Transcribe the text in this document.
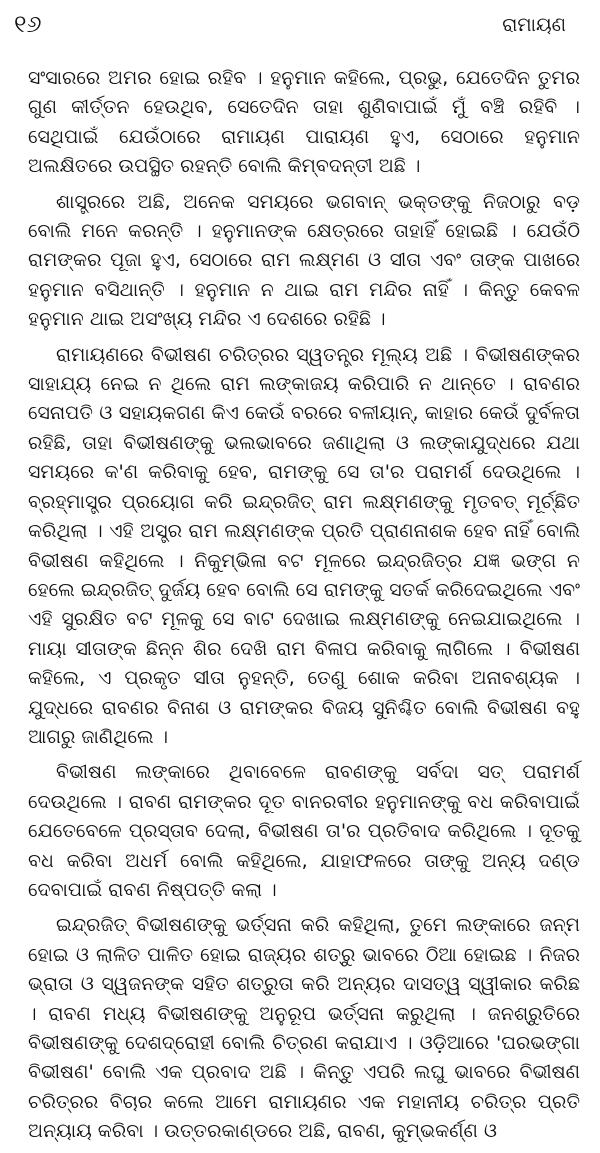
୧୬	ରାମାୟଣ

ସଂସାରରେ ଅମର ହୋଇ ରହିବ । ହନୁମାନ କହିଲେ, ପ୍ରଭୁ, ଯେତେଦିନ ତୁମର ଗୁଣ କୀର୍ତ୍ତନ ହେଉଥିବ, ସେତେଦିନ ତାହା ଶୁଣିବାପାଇଁ ମୁଁ ବଞ୍ଚି ରହିବି । ସେଥିପାଇଁ ଯେଉଁଠାରେ ରାମାୟଣ ପାରାୟଣ ହୁଏ, ସେଠାରେ ହନୁମାନ ଅଲକ୍ଷିତରେ ଉପସ୍ଥିତ ରହନ୍ତି ବୋଲି କିମ୍ବଦନ୍ତୀ ଅଛି ।

ଶାସ୍ତ୍ରରେ ଅଛି, ଅନେକ ସମୟରେ ଭଗବାନ୍ ଭକ୍ତଙ୍କୁ ନିଜଠାରୁ ବଡ଼ ବୋଲି ମନେ କରନ୍ତି । ହନୁମାନଙ୍କ କ୍ଷେତ୍ରରେ ତାହାହିଁ ହୋଇଛି । ଯେଉଁଠି ରାମଙ୍କର ପୂଜା ହୁଏ, ସେଠାରେ ରାମ ଲକ୍ଷ୍ମଣ ଓ ସୀତା ଏବଂ ତାଙ୍କ ପାଖରେ ହନୁମାନ ବସିଥାନ୍ତି । ହନୁମାନ ନ ଥାଇ ରାମ ମନ୍ଦିର ନାହିଁ । କିନ୍ତୁ କେବଳ ହନୁମାନ ଥାଇ ଅସଂଖ୍ୟ ମନ୍ଦିର ଏ ଦେଶରେ ରହିଛି ।

ରାମାୟଣରେ ବିଭୀଷଣ ଚରିତ୍ରର ସ୍ୱତନ୍ତ୍ର ମୂଲ୍ୟ ଅଛି । ବିଭୀଷଣଙ୍କର ସାହାଯ୍ୟ ନେଇ ନ ଥିଲେ ରାମ ଲଙ୍କାଜୟ କରିପାରି ନ ଥାନ୍ତେ । ରାବଣର ସେନାପତି ଓ ସହାୟକଗଣ କିଏ କେଉଁ ବରରେ ବଳୀୟାନ୍, କାହାର କେଉଁ ଦୁର୍ବଳତା ରହିଛି, ତାହା ବିଭୀଷଣଙ୍କୁ ଭଲଭାବରେ ଜଣାଥିଲା ଓ ଲଙ୍କାଯୁଦ୍ଧରେ ଯଥା ସମୟରେ କ'ଣ କରିବାକୁ ହେବ, ରାମଙ୍କୁ ସେ ତା'ର ପରାମର୍ଶ ଦେଉଥିଲେ । ବ୍ରହ୍ମାସ୍ତ୍ର ପ୍ରୟୋଗ କରି ଇନ୍ଦ୍ରଜିତ୍ ରାମ ଲକ୍ଷ୍ମଣଙ୍କୁ ମୃତବତ୍ ମୂର୍ଚ୍ଛିତ କରିଥିଲା । ଏହି ଅସ୍ତ୍ର ରାମ ଲକ୍ଷ୍ମଣଙ୍କ ପ୍ରତି ପ୍ରାଣନାଶକ ହେବ ନାହିଁ ବୋଲି ବିଭୀଷଣ କହିଥିଲେ । ନିକୁମ୍ଭିଳା ବଟ ମୂଳରେ ଇନ୍ଦ୍ରଜିତ୍‌ର ଯଜ୍ଞ ଭଙ୍ଗ ନ ହେଲେ ଇନ୍ଦ୍ରଜିତ୍ ଦୁର୍ଜୟ ହେବ ବୋଲି ସେ ରାମଙ୍କୁ ସତର୍କ କରିଦେଇଥିଲେ ଏବଂ ଏହି ସୁରକ୍ଷିତ ବଟ ମୂଳକୁ ସେ ବାଟ ଦେଖାଇ ଲକ୍ଷ୍ମଣଙ୍କୁ ନେଇଯାଇଥିଲେ । ମାୟା ସୀତାଙ୍କ ଛିନ୍ନ ଶିର ଦେଖି ରାମ ବିଳାପ କରିବାକୁ ଲାଗିଲେ । ବିଭୀଷଣ କହିଲେ, ଏ ପ୍ରକୃତ ସୀତା ନୁହନ୍ତି, ତେଣୁ ଶୋକ କରିବା ଅନାବଶ୍ୟକ । ଯୁଦ୍ଧରେ ରାବଣର ବିନାଶ ଓ ରାମଙ୍କର ବିଜୟ ସୁନିଶ୍ଚିତ ବୋଲି ବିଭୀଷଣ ବହୁ ଆଗରୁ ଜାଣିଥିଲେ ।

ବିଭୀଷଣ ଲଙ୍କାରେ ଥିବାବେଳେ ରାବଣଙ୍କୁ ସର୍ବଦା ସତ୍ ପରାମର୍ଶ ଦେଉଥିଲେ । ରାବଣ ରାମଙ୍କର ଦୂତ ବାନରବୀର ହନୁମାନଙ୍କୁ ବଧ କରିବାପାଇଁ ଯେତେବେଳେ ପ୍ରସ୍ତାବ ଦେଲା, ବିଭୀଷଣ ତା'ର ପ୍ରତିବାଦ କରିଥିଲେ । ଦୂତକୁ ବଧ କରିବା ଅଧର୍ମ ବୋଲି କହିଥିଲେ, ଯାହାଫଳରେ ତାଙ୍କୁ ଅନ୍ୟ ଦଣ୍ଡ ଦେବାପାଇଁ ରାବଣ ନିଷ୍ପତ୍ତି କଲା ।

ଇନ୍ଦ୍ରଜିତ୍ ବିଭୀଷଣଙ୍କୁ ଭର୍ତ୍ସନା କରି କହିଥିଲା, ତୁମେ ଲଙ୍କାରେ ଜନ୍ମ ହୋଇ ଓ ଲାଳିତ ପାଳିତ ହୋଇ ରାଜ୍ୟର ଶତ୍ରୁ ଭାବରେ ଠିଆ ହୋଇଛ । ନିଜର ଭ୍ରାତା ଓ ସ୍ୱଜନଙ୍କ ସହିତ ଶତ୍ରୁତା କରି ଅନ୍ୟର ଦାସତ୍ୱ ସ୍ୱୀକାର କରିଛ । ରାବଣ ମଧ୍ୟ ବିଭୀଷଣଙ୍କୁ ଅନୁରୂପ ଭର୍ତ୍ସନା କରୁଥିଲା । ଜନଶ୍ରୁତିରେ ବିଭୀଷଣଙ୍କୁ ଦେଶଦ୍ରୋହୀ ବୋଲି ଚିତ୍ରଣ କରାଯାଏ । ଓଡ଼ିଆରେ 'ଘରଭଙ୍ଗା ବିଭୀଷଣ' ବୋଲି ଏକ ପ୍ରବାଦ ଅଛି । କିନ୍ତୁ ଏପରି ଲଘୁ ଭାବରେ ବିଭୀଷଣ ଚରିତ୍ରର ବିଚାର କଲେ ଆମେ ରାମାୟଣର ଏକ ମହାନୀୟ ଚରିତ୍ର ପ୍ରତି ଅନ୍ୟାୟ କରିବା । ଉତ୍ତରକାଣ୍ଡରେ ଅଛି, ରାବଣ, କୁମ୍ଭକର୍ଣ୍ଣ ଓ
